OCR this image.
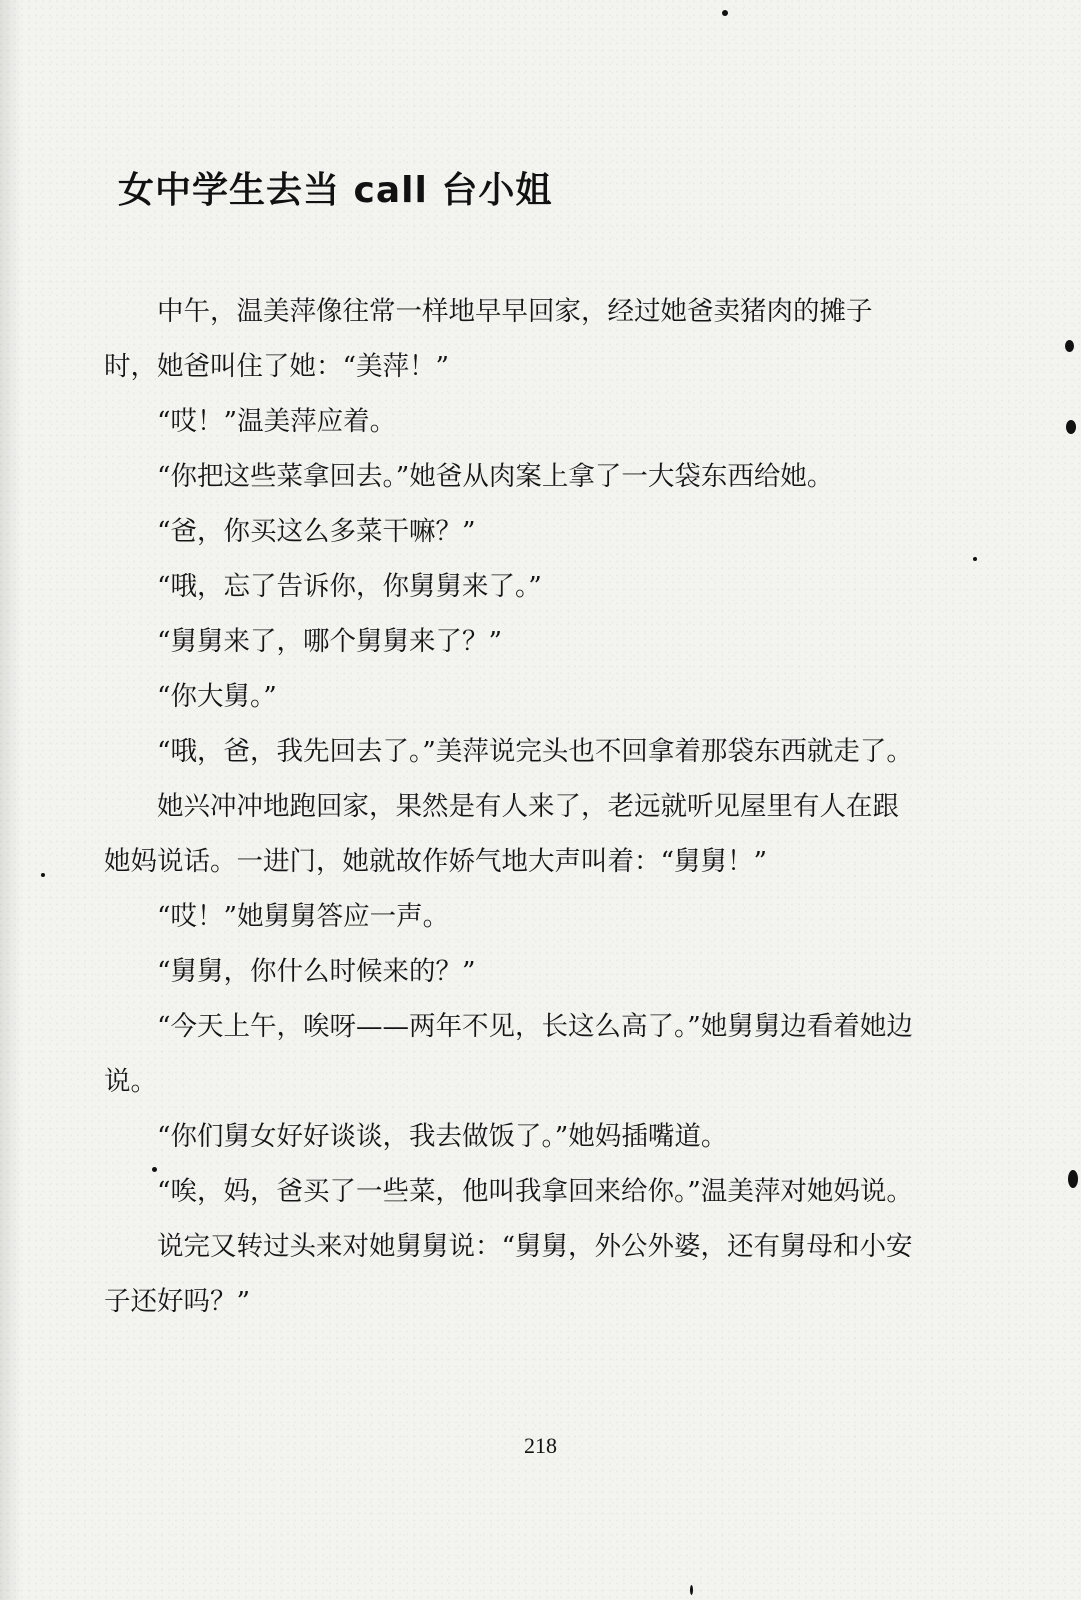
女中学生去当 call 台小姐

中午，温美萍像往常一样地早早回家，经过她爸卖猪肉的摊子时，她爸叫住了她：“美萍！”

“哎！”温美萍应着。

“你把这些菜拿回去。”她爸从肉案上拿了一大袋东西给她。

“爸，你买这么多菜干嘛？”

“哦，忘了告诉你，你舅舅来了。”

“舅舅来了，哪个舅舅来了？”

“你大舅。”

“哦，爸，我先回去了。”美萍说完头也不回拿着那袋东西就走了。

她兴冲冲地跑回家，果然是有人来了，老远就听见屋里有人在跟她妈说话。一进门，她就故作娇气地大声叫着：“舅舅！”

“哎！”她舅舅答应一声。

“舅舅，你什么时候来的？”

“今天上午，唉呀——两年不见，长这么高了。”她舅舅边看着她边说。

“你们舅女好好谈谈，我去做饭了。”她妈插嘴道。

“唉，妈，爸买了一些菜，他叫我拿回来给你。”温美萍对她妈说。

说完又转过头来对她舅舅说：“舅舅，外公外婆，还有舅母和小安子还好吗？”

218
